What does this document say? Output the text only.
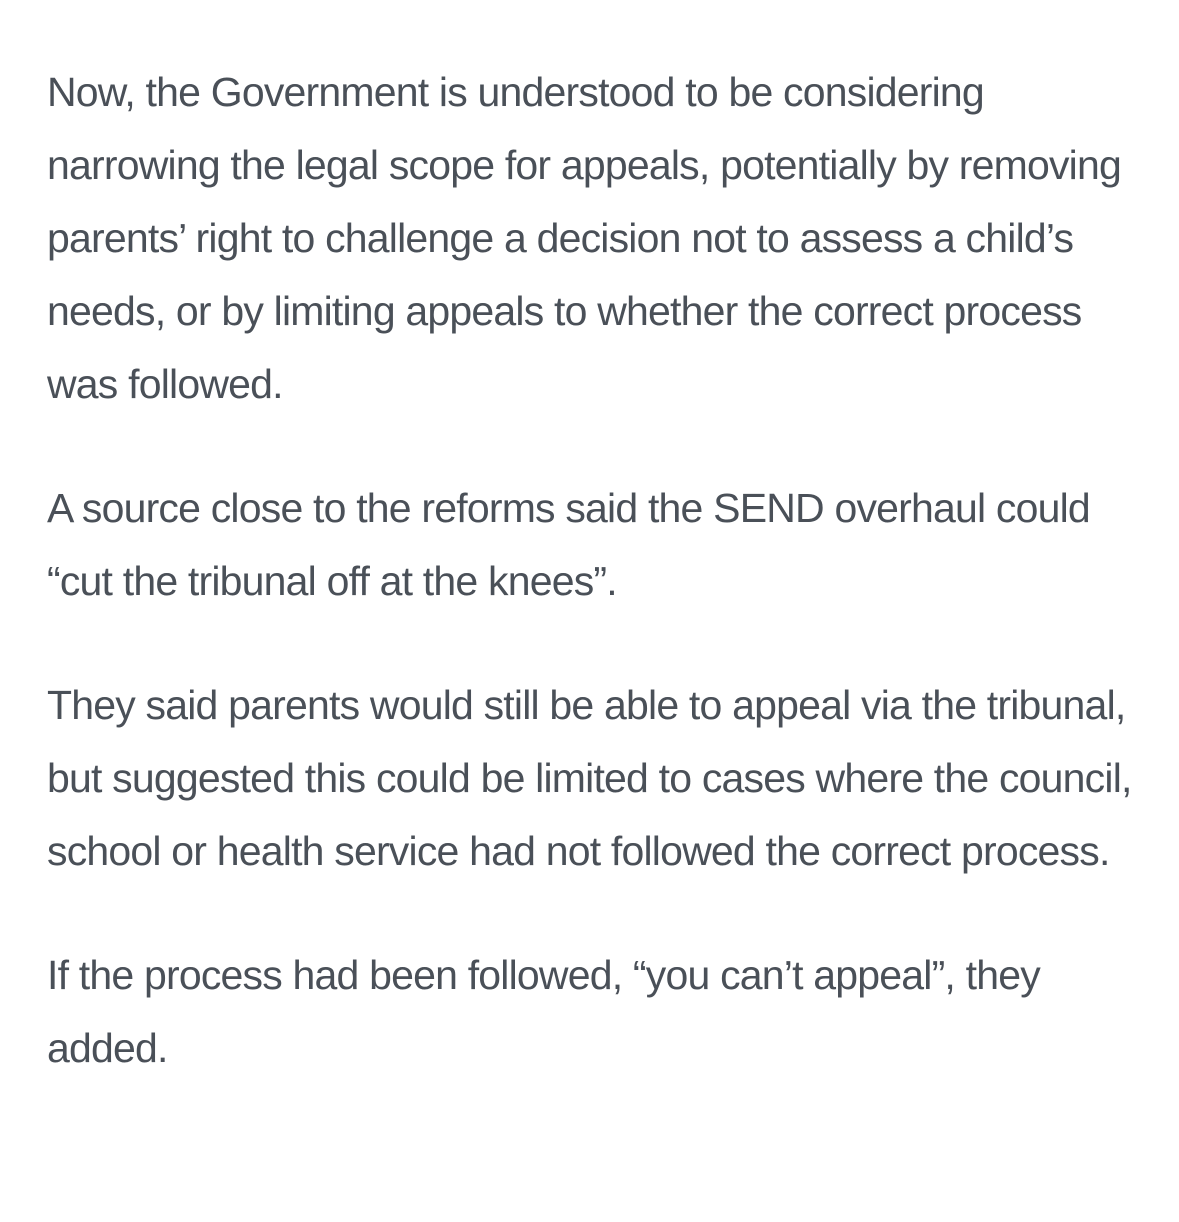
Now, the Government is understood to be considering narrowing the legal scope for appeals, potentially by removing parents’ right to challenge a decision not to assess a child’s needs, or by limiting appeals to whether the correct process was followed.

A source close to the reforms said the SEND overhaul could “cut the tribunal off at the knees”.

They said parents would still be able to appeal via the tribunal, but suggested this could be limited to cases where the council, school or health service had not followed the correct process.

If the process had been followed, “you can’t appeal”, they added.
